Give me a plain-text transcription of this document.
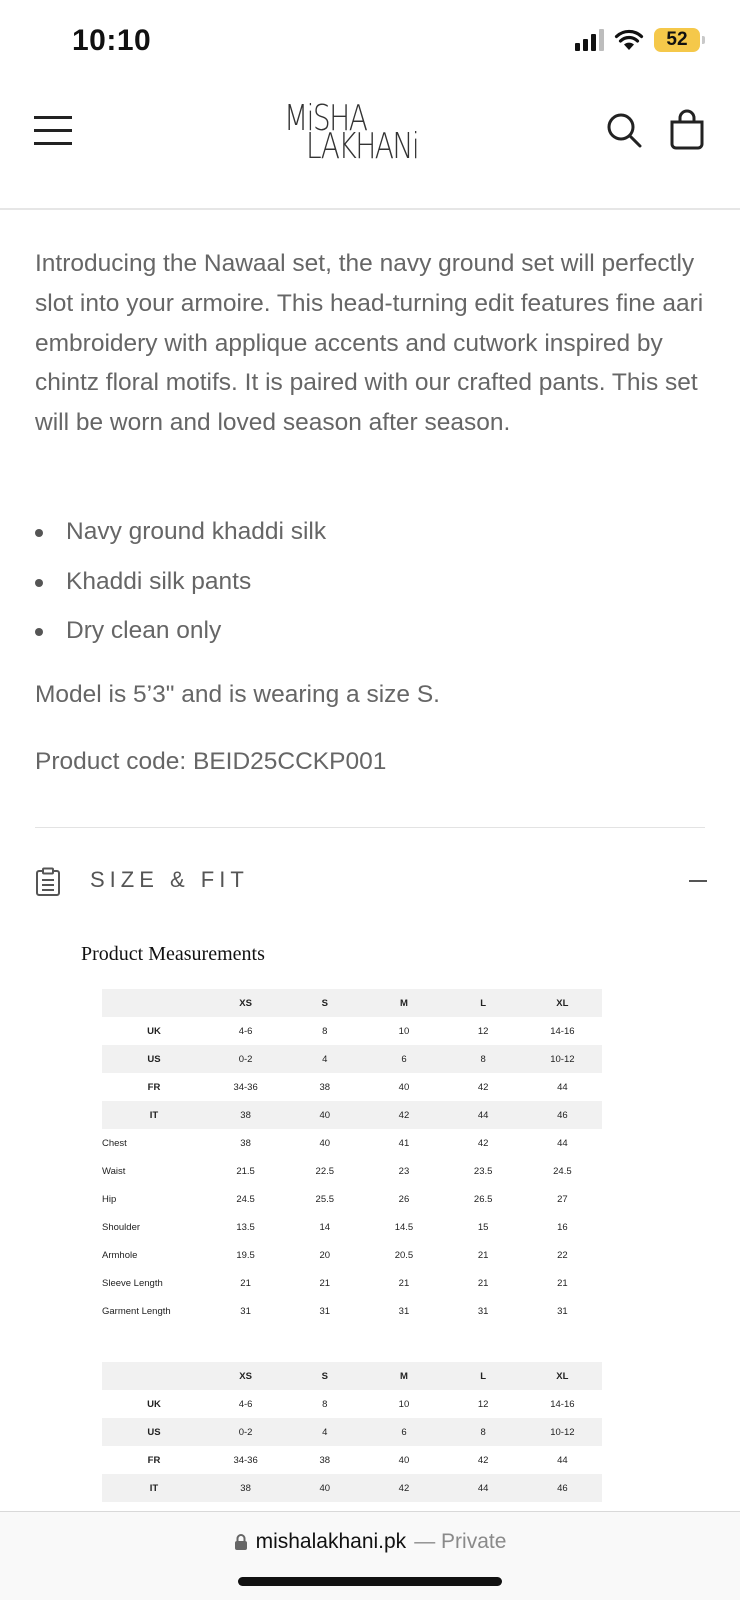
10:10	52
MiSHA
LAKHANi

Introducing the Nawaal set, the navy ground set will perfectly slot into your armoire. This head-turning edit features fine aari embroidery with applique accents and cutwork inspired by chintz floral motifs. It is paired with our crafted pants. This set will be worn and loved season after season.

Navy ground khaddi silk
Khaddi silk pants
Dry clean only

Model is 5’3" and is wearing a size S.

Product code: BEID25CCKP001

SIZE & FIT
Product Measurements
	XS	S	M	L	XL
UK	4-6	8	10	12	14-16
US	0-2	4	6	8	10-12
FR	34-36	38	40	42	44
IT	38	40	42	44	46
Chest	38	40	41	42	44
Waist	21.5	22.5	23	23.5	24.5
Hip	24.5	25.5	26	26.5	27
Shoulder	13.5	14	14.5	15	16
Armhole	19.5	20	20.5	21	22
Sleeve Length	21	21	21	21	21
Garment Length	31	31	31	31	31
	XS	S	M	L	XL
UK	4-6	8	10	12	14-16
US	0-2	4	6	8	10-12
FR	34-36	38	40	42	44
IT	38	40	42	44	46
mishalakhani.pk — Private
